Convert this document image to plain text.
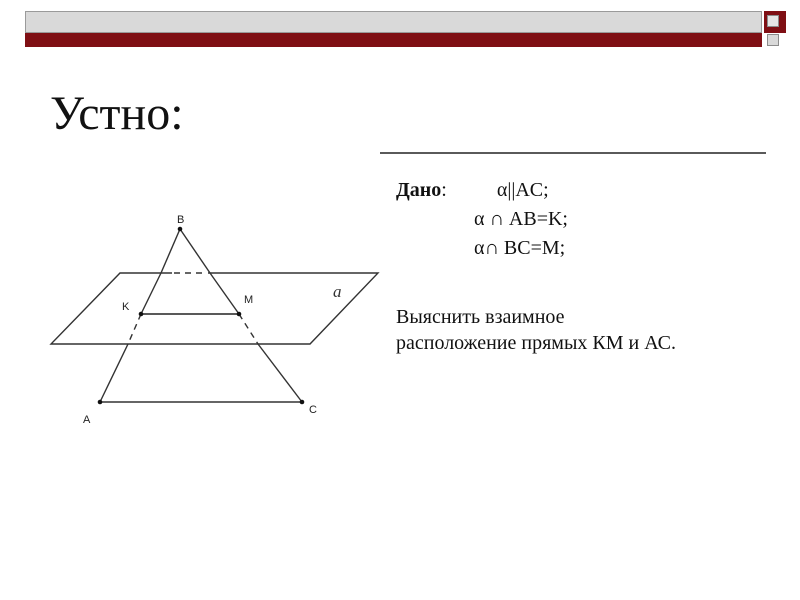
Устно:
Дано:	α||AC;
α ∩ AB=K;
α∩ BC=M;
Выяснить взаимное
расположение прямых КМ и АС.
B
K
M
A
C
a
